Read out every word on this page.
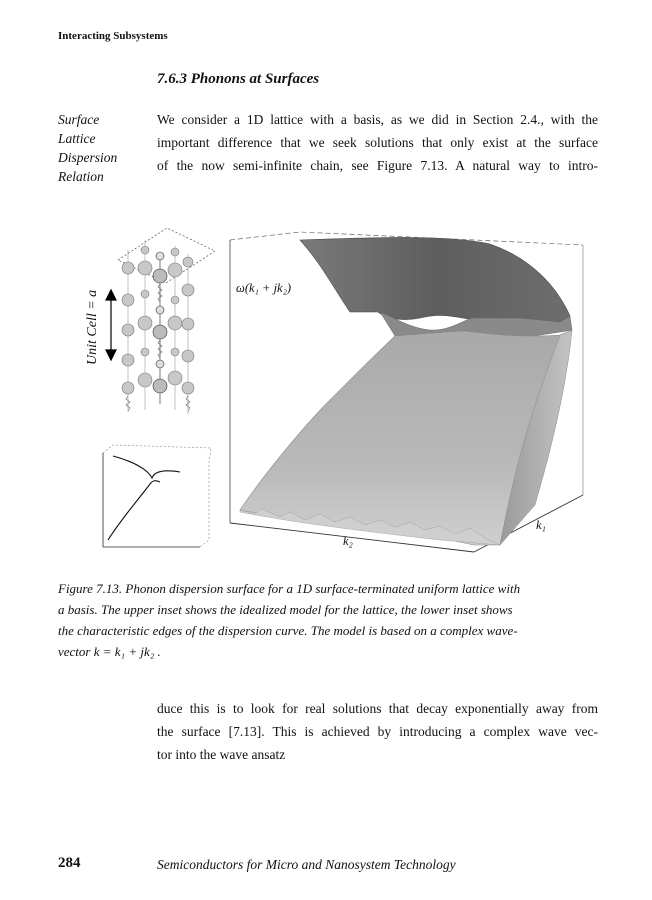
Interacting Subsystems
7.6.3 Phonons at Surfaces
Surface
Lattice
Dispersion
Relation
We consider a 1D lattice with a basis, as we did in Section 2.4., with the
important difference that we seek solutions that only exist at the surface
of the now semi-infinite chain, see Figure 7.13. A natural way to intro-
Unit Cell = a
ω(k₁ + jk₂)
k₁
k₂
Figure 7.13. Phonon dispersion surface for a 1D surface-terminated uniform lattice with
a basis. The upper inset shows the idealized model for the lattice, the lower inset shows
the characteristic edges of the dispersion curve. The model is based on a complex wave-
vector k = k₁ + jk₂ .
duce this is to look for real solutions that decay exponentially away from
the surface [7.13]. This is achieved by introducing a complex wave vec-
tor into the wave ansatz
284	Semiconductors for Micro and Nanosystem Technology
